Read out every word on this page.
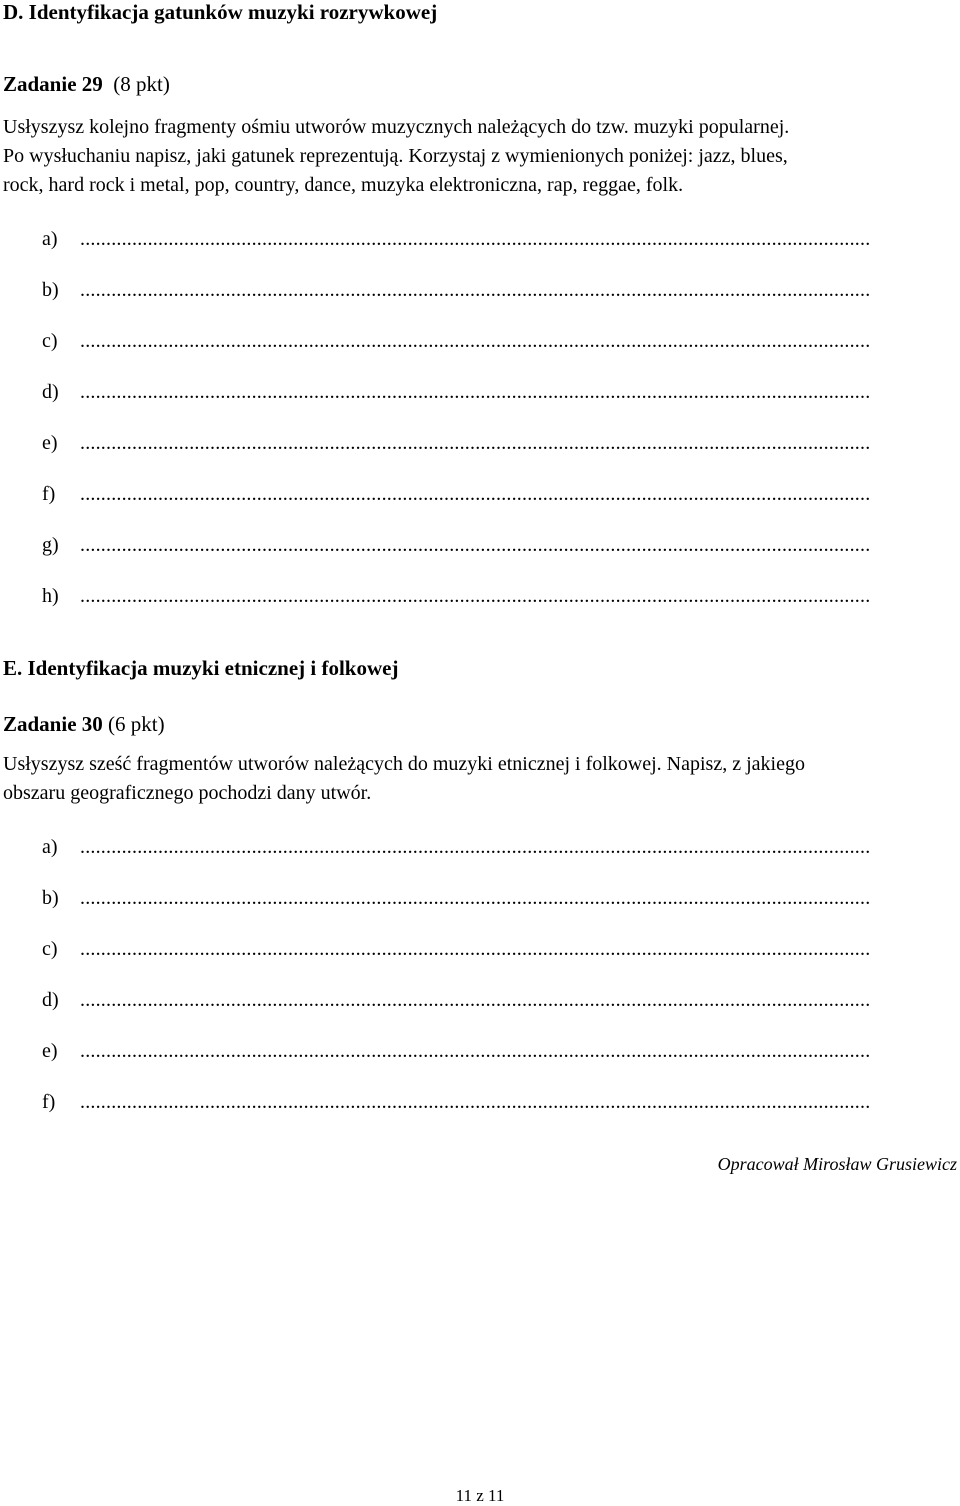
D. Identyfikacja gatunków muzyki rozrywkowej
Zadanie 29 (8 pkt)
Usłyszysz kolejno fragmenty ośmiu utworów muzycznych należących do tzw. muzyki popularnej.
Po wysłuchaniu napisz, jaki gatunek reprezentują. Korzystaj z wymienionych poniżej: jazz, blues,
rock, hard rock i metal, pop, country, dance, muzyka elektroniczna, rap, reggae, folk.
a)	........................................................................................................................................................
b)	........................................................................................................................................................
c)	........................................................................................................................................................
d)	........................................................................................................................................................
e)	........................................................................................................................................................
f)	........................................................................................................................................................
g)	........................................................................................................................................................
h)	........................................................................................................................................................
E. Identyfikacja muzyki etnicznej i folkowej
Zadanie 30 (6 pkt)
Usłyszysz sześć fragmentów utworów należących do muzyki etnicznej i folkowej. Napisz, z jakiego
obszaru geograficznego pochodzi dany utwór.
a)	........................................................................................................................................................
b)	........................................................................................................................................................
c)	........................................................................................................................................................
d)	........................................................................................................................................................
e)	........................................................................................................................................................
f)	........................................................................................................................................................
Opracował Mirosław Grusiewicz
11 z 11
